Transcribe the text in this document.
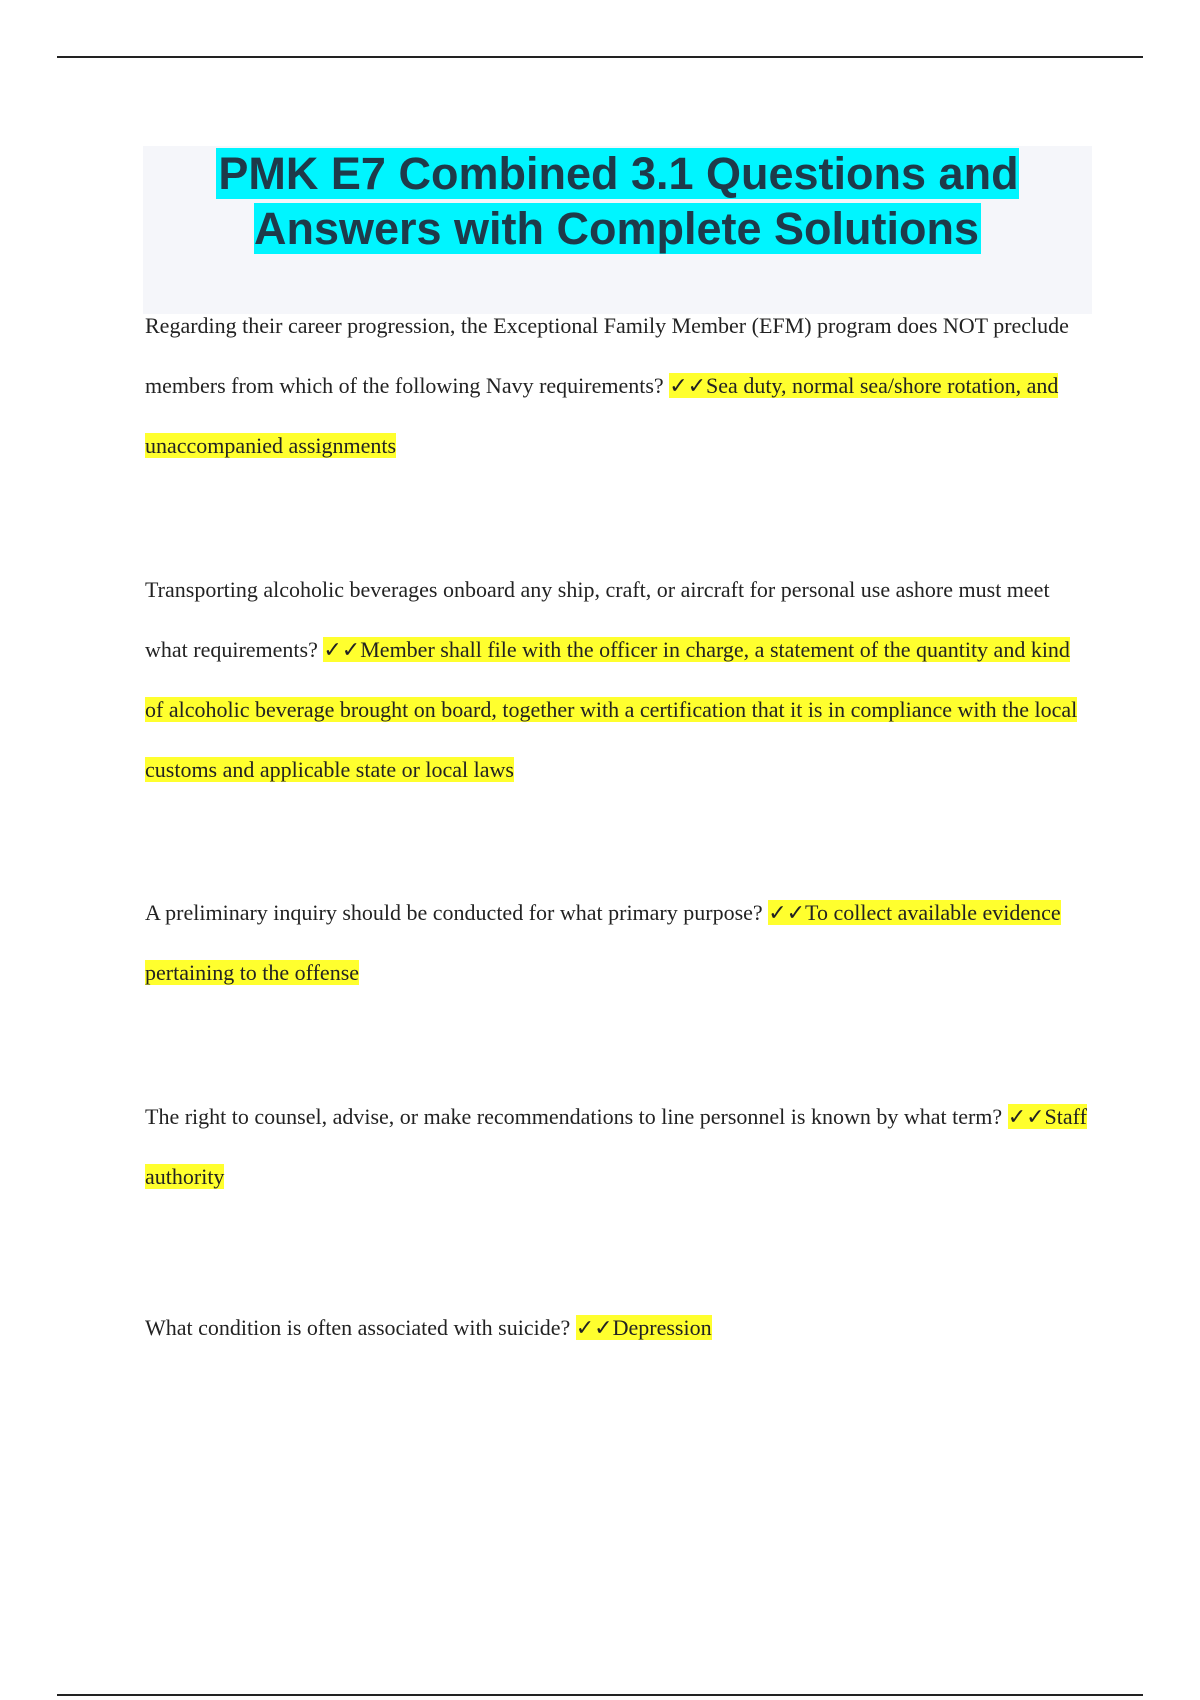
PMK E7 Combined 3.1 Questions and Answers with Complete Solutions

Regarding their career progression, the Exceptional Family Member (EFM) program does NOT preclude members from which of the following Navy requirements? ✓✓Sea duty, normal sea/shore rotation, and unaccompanied assignments

Transporting alcoholic beverages onboard any ship, craft, or aircraft for personal use ashore must meet what requirements? ✓✓Member shall file with the officer in charge, a statement of the quantity and kind of alcoholic beverage brought on board, together with a certification that it is in compliance with the local customs and applicable state or local laws

A preliminary inquiry should be conducted for what primary purpose? ✓✓To collect available evidence pertaining to the offense

The right to counsel, advise, or make recommendations to line personnel is known by what term? ✓✓Staff authority

What condition is often associated with suicide? ✓✓Depression
